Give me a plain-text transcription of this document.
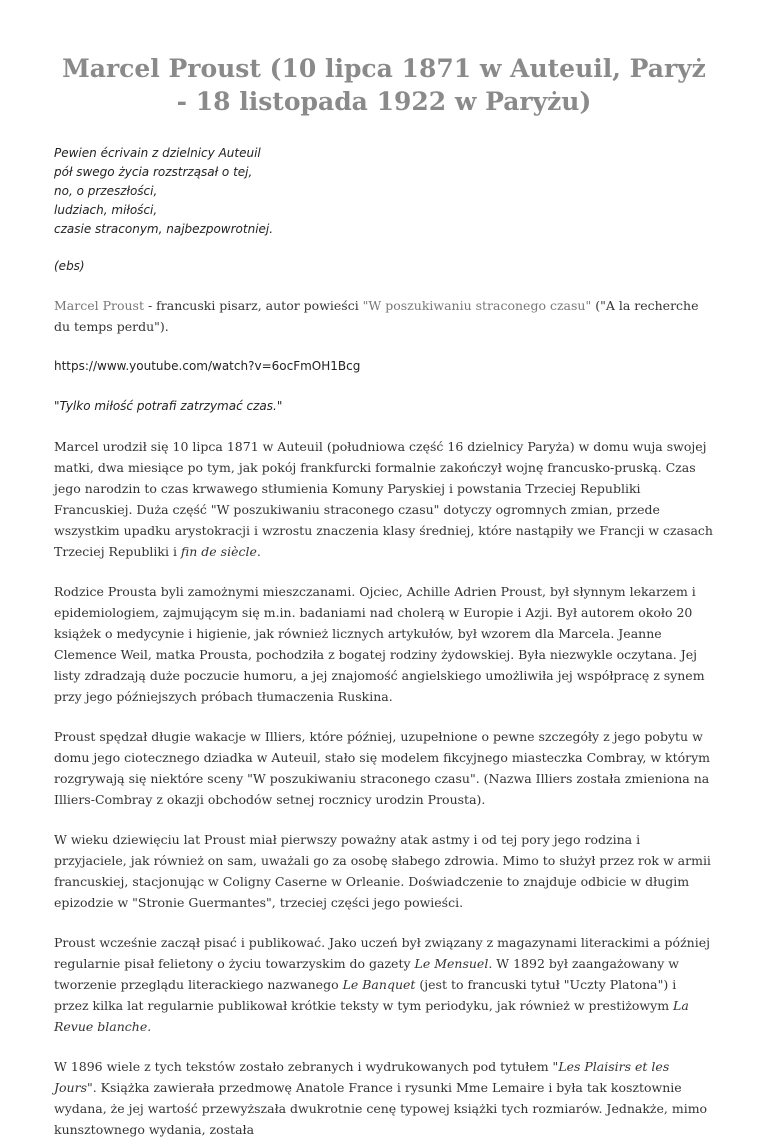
Marcel Proust (10 lipca 1871 w Auteuil, Paryż - 18 listopada 1922 w Paryżu)
Pewien écrivain z dzielnicy Auteuil
pół swego życia rozstrząsał o tej,
no, o przeszłości,
ludziach, miłości,
czasie straconym, najbezpowrotniej.
(ebs)

Marcel Proust - francuski pisarz, autor powieści "W poszukiwaniu straconego czasu" ("A la recherche du temps perdu").

https://www.youtube.com/watch?v=6ocFmOH1Bcg

"Tylko miłość potrafi zatrzymać czas."

Marcel urodził się 10 lipca 1871 w Auteuil (południowa część 16 dzielnicy Paryża) w domu wuja swojej matki, dwa miesiące po tym, jak pokój frankfurcki formalnie zakończył wojnę francusko-pruską. Czas jego narodzin to czas krwawego stłumienia Komuny Paryskiej i powstania Trzeciej Republiki Francuskiej. Duża część "W poszukiwaniu straconego czasu" dotyczy ogromnych zmian, przede wszystkim upadku arystokracji i wzrostu znaczenia klasy średniej, które nastąpiły we Francji w czasach Trzeciej Republiki i fin de siècle.

Rodzice Prousta byli zamożnymi mieszczanami. Ojciec, Achille Adrien Proust, był słynnym lekarzem i epidemiologiem, zajmującym się m.in. badaniami nad cholerą w Europie i Azji. Był autorem około 20 książek o medycynie i higienie, jak również licznych artykułów, był wzorem dla Marcela. Jeanne Clemence Weil, matka Prousta, pochodziła z bogatej rodziny żydowskiej. Była niezwykle oczytana. Jej listy zdradzają duże poczucie humoru, a jej znajomość angielskiego umożliwiła jej współpracę z synem przy jego późniejszych próbach tłumaczenia Ruskina.

Proust spędzał długie wakacje w Illiers, które później, uzupełnione o pewne szczegóły z jego pobytu w domu jego ciotecznego dziadka w Auteuil, stało się modelem fikcyjnego miasteczka Combray, w którym rozgrywają się niektóre sceny "W poszukiwaniu straconego czasu". (Nazwa Illiers została zmieniona na Illiers-Combray z okazji obchodów setnej rocznicy urodzin Prousta).

W wieku dziewięciu lat Proust miał pierwszy poważny atak astmy i od tej pory jego rodzina i przyjaciele, jak również on sam, uważali go za osobę słabego zdrowia. Mimo to służył przez rok w armii francuskiej, stacjonując w Coligny Caserne w Orleanie. Doświadczenie to znajduje odbicie w długim epizodzie w "Stronie Guermantes", trzeciej części jego powieści.

Proust wcześnie zaczął pisać i publikować. Jako uczeń był związany z magazynami literackimi a później regularnie pisał felietony o życiu towarzyskim do gazety Le Mensuel. W 1892 był zaangażowany w tworzenie przeglądu literackiego nazwanego Le Banquet (jest to francuski tytuł "Uczty Platona") i przez kilka lat regularnie publikował krótkie teksty w tym periodyku, jak również w prestiżowym La Revue blanche.

W 1896 wiele z tych tekstów zostało zebranych i wydrukowanych pod tytułem "Les Plaisirs et les Jours". Książka zawierała przedmowę Anatole France i rysunki Mme Lemaire i była tak kosztownie wydana, że jej wartość przewyższała dwukrotnie cenę typowej książki tych rozmiarów. Jednakże, mimo kunsztownego wydania, została
